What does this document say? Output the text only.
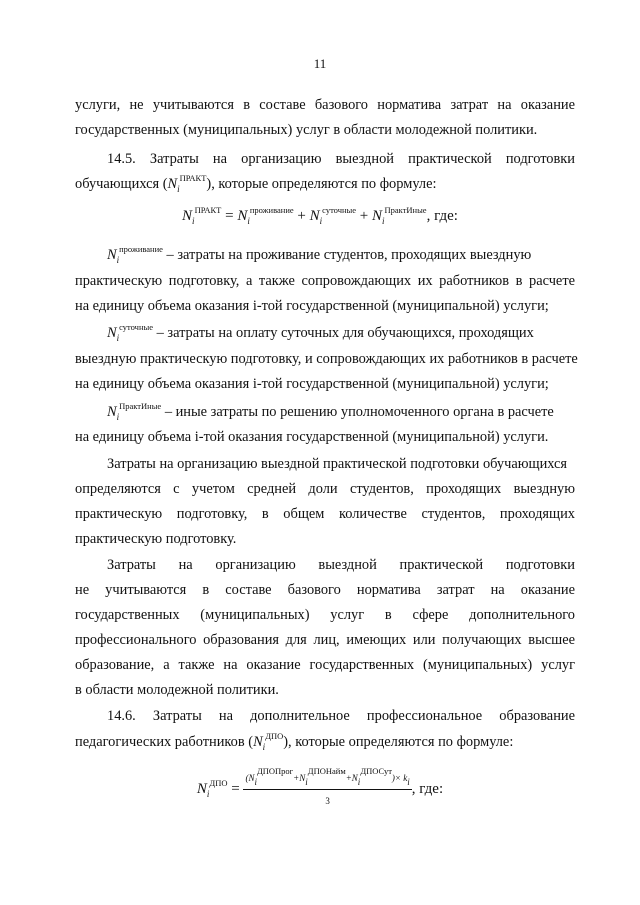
11
услуги, не учитываются в составе базового норматива затрат на оказание
государственных (муниципальных) услуг в области молодежной политики.
14.5. Затраты на организацию выездной практической подготовки
обучающихся $(N_i^{ПРАКТ})$, которые определяются по формуле:
$N_i^{ПРАКТ} = N_i^{проживание} + N_i^{суточные} + N_i^{ПрактИные}$, где:
$N_i^{проживание}$ – затраты на проживание студентов, проходящих выездную
практическую подготовку, а также сопровождающих их работников в расчете
на единицу объема оказания i-той государственной (муниципальной) услуги;
$N_i^{суточные}$ – затраты на оплату суточных для обучающихся, проходящих
выездную практическую подготовку, и сопровождающих их работников в расчете
на единицу объема оказания i-той государственной (муниципальной) услуги;
$N_i^{ПрактИные}$ – иные затраты по решению уполномоченного органа в расчете
на единицу объема i-той оказания государственной (муниципальной) услуги.
Затраты на организацию выездной практической подготовки обучающихся
определяются с учетом средней доли студентов, проходящих выездную
практическую подготовку, в общем количестве студентов, проходящих
практическую подготовку.
Затраты на организацию выездной практической подготовки
не учитываются в составе базового норматива затрат на оказание
государственных (муниципальных) услуг в сфере дополнительного
профессионального образования для лиц, имеющих или получающих высшее
образование, а также на оказание государственных (муниципальных) услуг
в области молодежной политики.
14.6. Затраты на дополнительное профессиональное образование
педагогических работников $(N_i^{ДПО})$, которые определяются по формуле:
$N_i^{ДПО} = \frac{(N_i^{ДПОПрог}+N_i^{ДПОНайм}+N_i^{ДПОСут})\times k_i}{3}$ , где:
